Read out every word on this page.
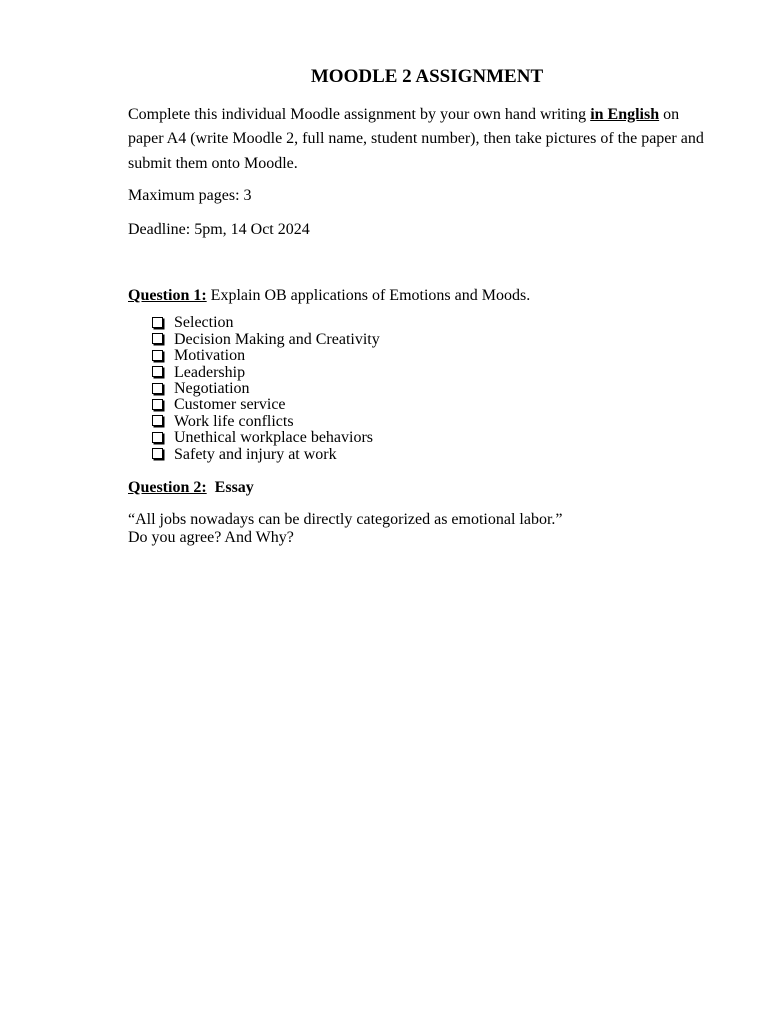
MOODLE 2 ASSIGNMENT

Complete this individual Moodle assignment by your own hand writing in English on paper A4 (write Moodle 2, full name, student number), then take pictures of the paper and submit them onto Moodle.

Maximum pages: 3

Deadline: 5pm, 14 Oct 2024

Question 1: Explain OB applications of Emotions and Moods.

Selection
Decision Making and Creativity
Motivation
Leadership
Negotiation
Customer service
Work life conflicts
Unethical workplace behaviors
Safety and injury at work

Question 2: Essay

“All jobs nowadays can be directly categorized as emotional labor.”
Do you agree? And Why?
